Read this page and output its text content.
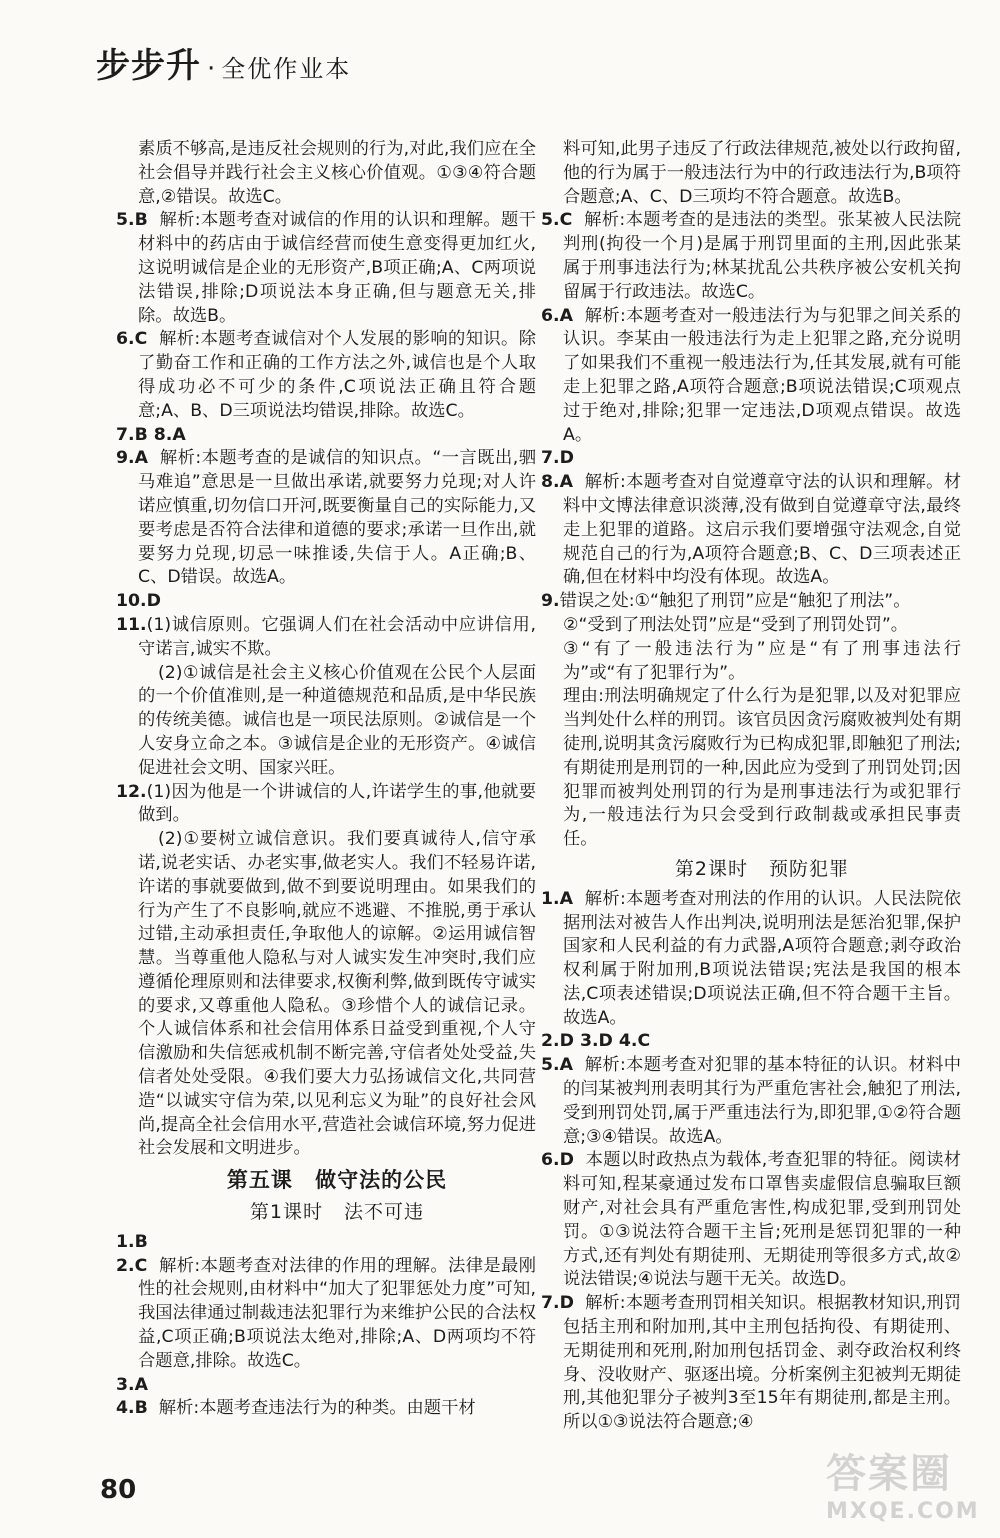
步步升 · 全优作业本

素质不够高,是违反社会规则的行为,对此,我们应在全社会倡导并践行社会主义核心价值观。①③④符合题意,②错误。故选C。

5.B 解析:本题考查对诚信的作用的认识和理解。题干材料中的药店由于诚信经营而使生意变得更加红火,这说明诚信是企业的无形资产,B项正确;A、C两项说法错误,排除;D项说法本身正确,但与题意无关,排除。故选B。

6.C 解析:本题考查诚信对个人发展的影响的知识。除了勤奋工作和正确的工作方法之外,诚信也是个人取得成功必不可少的条件,C项说法正确且符合题意;A、B、D三项说法均错误,排除。故选C。

7.B 8.A

9.A 解析:本题考查的是诚信的知识点。“一言既出,驷马难追”意思是一旦做出承诺,就要努力兑现;对人许诺应慎重,切勿信口开河,既要衡量自己的实际能力,又要考虑是否符合法律和道德的要求;承诺一旦作出,就要努力兑现,切忌一味推诿,失信于人。A正确;B、C、D错误。故选A。

10.D

11.(1)诚信原则。它强调人们在社会活动中应讲信用,守诺言,诚实不欺。

(2)①诚信是社会主义核心价值观在公民个人层面的一个价值准则,是一种道德规范和品质,是中华民族的传统美德。诚信也是一项民法原则。②诚信是一个人安身立命之本。③诚信是企业的无形资产。④诚信促进社会文明、国家兴旺。

12.(1)因为他是一个讲诚信的人,许诺学生的事,他就要做到。

(2)①要树立诚信意识。我们要真诚待人,信守承诺,说老实话、办老实事,做老实人。我们不轻易许诺,许诺的事就要做到,做不到要说明理由。如果我们的行为产生了不良影响,就应不逃避、不推脱,勇于承认过错,主动承担责任,争取他人的谅解。②运用诚信智慧。当尊重他人隐私与对人诚实发生冲突时,我们应遵循伦理原则和法律要求,权衡利弊,做到既传守诚实的要求,又尊重他人隐私。③珍惜个人的诚信记录。个人诚信体系和社会信用体系日益受到重视,个人守信激励和失信惩戒机制不断完善,守信者处处受益,失信者处处受限。④我们要大力弘扬诚信文化,共同营造“以诚实守信为荣,以见利忘义为耻”的良好社会风尚,提高全社会信用水平,营造社会诚信环境,努力促进社会发展和文明进步。

第五课 做守法的公民
第1课时 法不可违

1.B

2.C 解析:本题考查对法律的作用的理解。法律是最刚性的社会规则,由材料中“加大了犯罪惩处力度”可知,我国法律通过制裁违法犯罪行为来维护公民的合法权益,C项正确;B项说法太绝对,排除;A、D两项均不符合题意,排除。故选C。

3.A

4.B 解析:本题考查违法行为的种类。由题干材

料可知,此男子违反了行政法律规范,被处以行政拘留,他的行为属于一般违法行为中的行政违法行为,B项符合题意;A、C、D三项均不符合题意。故选B。

5.C 解析:本题考查的是违法的类型。张某被人民法院判刑(拘役一个月)是属于刑罚里面的主刑,因此张某属于刑事违法行为;林某扰乱公共秩序被公安机关拘留属于行政违法。故选C。

6.A 解析:本题考查对一般违法行为与犯罪之间关系的认识。李某由一般违法行为走上犯罪之路,充分说明了如果我们不重视一般违法行为,任其发展,就有可能走上犯罪之路,A项符合题意;B项说法错误;C项观点过于绝对,排除;犯罪一定违法,D项观点错误。故选A。

7.D

8.A 解析:本题考查对自觉遵章守法的认识和理解。材料中文博法律意识淡薄,没有做到自觉遵章守法,最终走上犯罪的道路。这启示我们要增强守法观念,自觉规范自己的行为,A项符合题意;B、C、D三项表述正确,但在材料中均没有体现。故选A。

9.错误之处:①“触犯了刑罚”应是“触犯了刑法”。

②“受到了刑法处罚”应是“受到了刑罚处罚”。

③“有了一般违法行为”应是“有了刑事违法行为”或“有了犯罪行为”。

理由:刑法明确规定了什么行为是犯罪,以及对犯罪应当判处什么样的刑罚。该官员因贪污腐败被判处有期徒刑,说明其贪污腐败行为已构成犯罪,即触犯了刑法;有期徒刑是刑罚的一种,因此应为受到了刑罚处罚;因犯罪而被判处刑罚的行为是刑事违法行为或犯罪行为,一般违法行为只会受到行政制裁或承担民事责任。

第2课时 预防犯罪

1.A 解析:本题考查对刑法的作用的认识。人民法院依据刑法对被告人作出判决,说明刑法是惩治犯罪,保护国家和人民利益的有力武器,A项符合题意;剥夺政治权利属于附加刑,B项说法错误;宪法是我国的根本法,C项表述错误;D项说法正确,但不符合题干主旨。故选A。

2.D 3.D 4.C

5.A 解析:本题考查对犯罪的基本特征的认识。材料中的闫某被判刑表明其行为严重危害社会,触犯了刑法,受到刑罚处罚,属于严重违法行为,即犯罪,①②符合题意;③④错误。故选A。

6.D 本题以时政热点为载体,考查犯罪的特征。阅读材料可知,程某豪通过发布口罩售卖虚假信息骗取巨额财产,对社会具有严重危害性,构成犯罪,受到刑罚处罚。①③说法符合题干主旨;死刑是惩罚犯罪的一种方式,还有判处有期徒刑、无期徒刑等很多方式,故②说法错误;④说法与题干无关。故选D。

7.D 解析:本题考查刑罚相关知识。根据教材知识,刑罚包括主刑和附加刑,其中主刑包括拘役、有期徒刑、无期徒刑和死刑,附加刑包括罚金、剥夺政治权利终身、没收财产、驱逐出境。分析案例主犯被判无期徒刑,其他犯罪分子被判3至15年有期徒刑,都是主刑。所以①③说法符合题意;④

80	答案圈
MXQE.COM
